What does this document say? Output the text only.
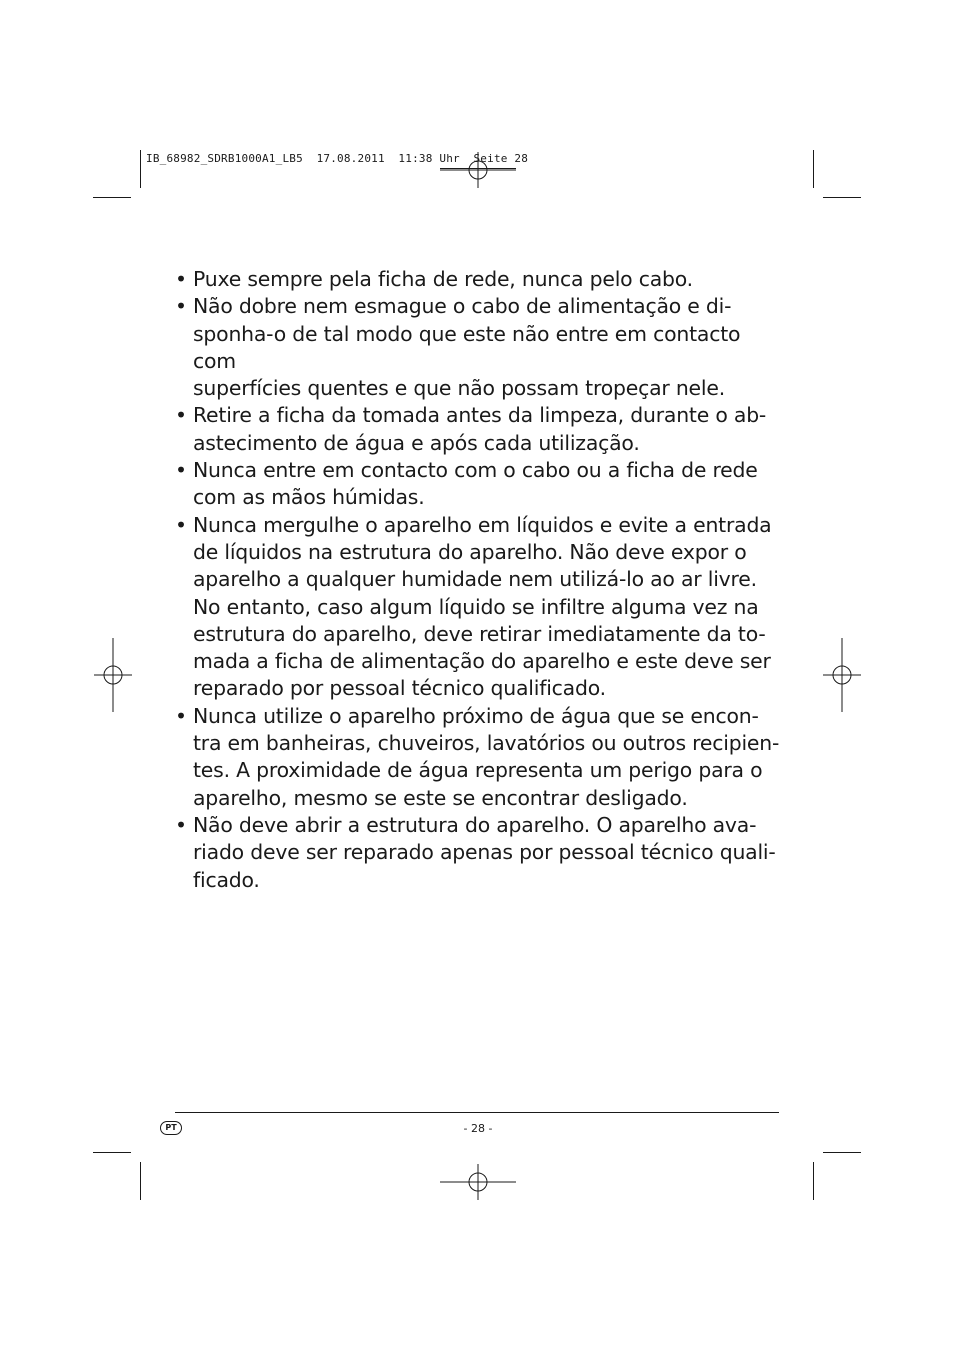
IB_68982_SDRB1000A1_LB5  17.08.2011  11:38 Uhr  Seite 28
• Puxe sempre pela ficha de rede, nunca pelo cabo.
• Não dobre nem esmague o cabo de alimentação e di-
sponha-o de tal modo que este não entre em contacto com
superfícies quentes e que não possam tropeçar nele.
• Retire a ficha da tomada antes da limpeza, durante o ab-
astecimento de água e após cada utilização.
• Nunca entre em contacto com o cabo ou a ficha de rede
com as mãos húmidas.
• Nunca mergulhe o aparelho em líquidos e evite a entrada
de líquidos na estrutura do aparelho. Não deve expor o
aparelho a qualquer humidade nem utilizá-lo ao ar livre.
No entanto, caso algum líquido se infiltre alguma vez na
estrutura do aparelho, deve retirar imediatamente da to-
mada a ficha de alimentação do aparelho e este deve ser
reparado por pessoal técnico qualificado.
• Nunca utilize o aparelho próximo de água que se encon-
tra em banheiras, chuveiros, lavatórios ou outros recipien-
tes. A proximidade de água representa um perigo para o
aparelho, mesmo se este se encontrar desligado.
• Não deve abrir a estrutura do aparelho. O aparelho ava-
riado deve ser reparado apenas por pessoal técnico quali-
ficado.
PT	- 28 -
